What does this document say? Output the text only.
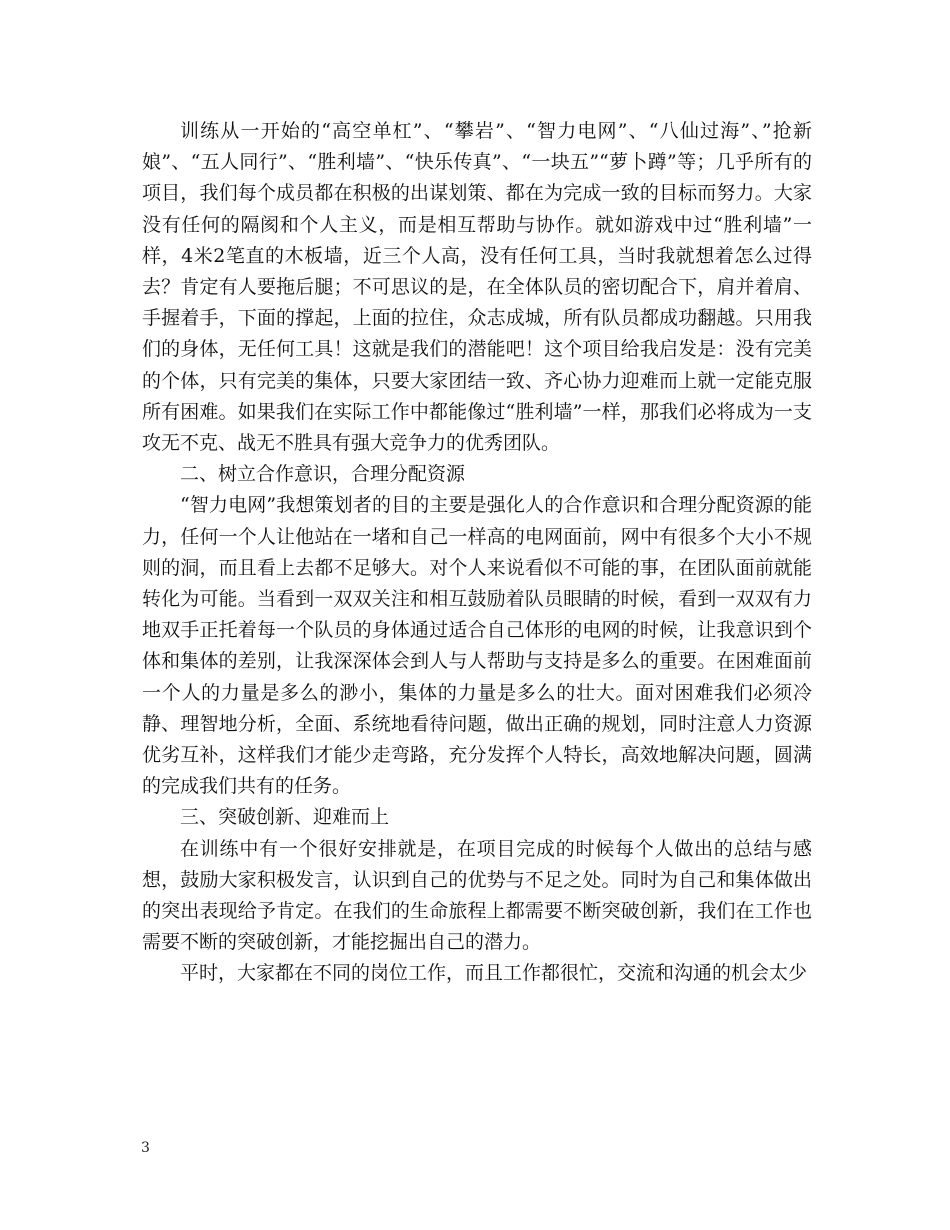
训练从一开始的“高空单杠”、“攀岩”、“智力电网”、“八仙过海”、”抢新娘”、“五人同行”、“胜利墙”、“快乐传真”、“一块五”“萝卜蹲”等；几乎所有的项目，我们每个成员都在积极的出谋划策、都在为完成一致的目标而努力。大家没有任何的隔阂和个人主义，而是相互帮助与协作。就如游戏中过“胜利墙”一样，4米2笔直的木板墙，近三个人高，没有任何工具，当时我就想着怎么过得去？肯定有人要拖后腿；不可思议的是，在全体队员的密切配合下，肩并着肩、手握着手，下面的撑起，上面的拉住，众志成城，所有队员都成功翻越。只用我们的身体，无任何工具！这就是我们的潜能吧！这个项目给我启发是：没有完美的个体，只有完美的集体，只要大家团结一致、齐心协力迎难而上就一定能克服所有困难。如果我们在实际工作中都能像过“胜利墙”一样，那我们必将成为一支攻无不克、战无不胜具有强大竞争力的优秀团队。

二、树立合作意识，合理分配资源

“智力电网”我想策划者的目的主要是强化人的合作意识和合理分配资源的能力，任何一个人让他站在一堵和自己一样高的电网面前，网中有很多个大小不规则的洞，而且看上去都不足够大。对个人来说看似不可能的事，在团队面前就能转化为可能。当看到一双双关注和相互鼓励着队员眼睛的时候，看到一双双有力地双手正托着每一个队员的身体通过适合自己体形的电网的时候，让我意识到个体和集体的差别，让我深深体会到人与人帮助与支持是多么的重要。在困难面前一个人的力量是多么的渺小，集体的力量是多么的壮大。面对困难我们必须冷静、理智地分析，全面、系统地看待问题，做出正确的规划，同时注意人力资源优劣互补，这样我们才能少走弯路，充分发挥个人特长，高效地解决问题，圆满的完成我们共有的任务。

三、突破创新、迎难而上

在训练中有一个很好安排就是，在项目完成的时候每个人做出的总结与感想，鼓励大家积极发言，认识到自己的优势与不足之处。同时为自己和集体做出的突出表现给予肯定。在我们的生命旅程上都需要不断突破创新，我们在工作也需要不断的突破创新，才能挖掘出自己的潜力。

平时，大家都在不同的岗位工作，而且工作都很忙，交流和沟通的机会太少

3
